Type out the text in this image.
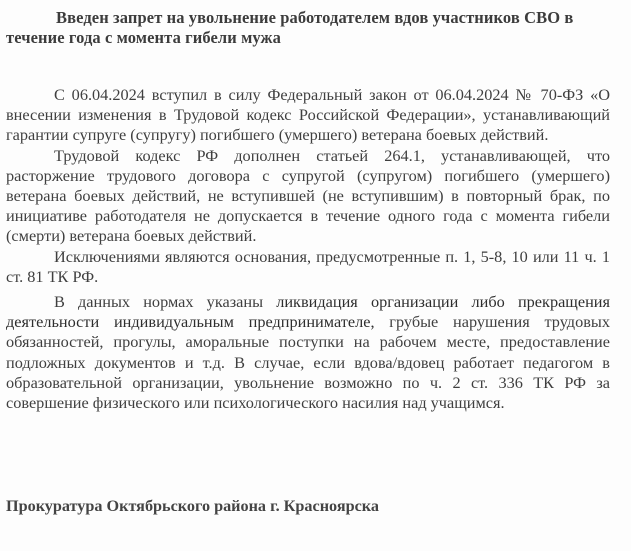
Введен запрет на увольнение работодателем вдов участников СВО в течение года с момента гибели мужа

С 06.04.2024 вступил в силу Федеральный закон от 06.04.2024 № 70-ФЗ «О внесении изменения в Трудовой кодекс Российской Федерации», устанавливающий гарантии супруге (супругу) погибшего (умершего) ветерана боевых действий.

Трудовой кодекс РФ дополнен статьей 264.1, устанавливающей, что расторжение трудового договора с супругой (супругом) погибшего (умершего) ветерана боевых действий, не вступившей (не вступившим) в повторный брак, по инициативе работодателя не допускается в течение одного года с момента гибели (смерти) ветерана боевых действий.

Исключениями являются основания, предусмотренные п. 1, 5-8, 10 или 11 ч. 1 ст. 81 ТК РФ.

В данных нормах указаны ликвидация организации либо прекращения деятельности индивидуальным предпринимателе, грубые нарушения трудовых обязанностей, прогулы, аморальные поступки на рабочем месте, предоставление подложных документов и т.д. В случае, если вдова/вдовец работает педагогом в образовательной организации, увольнение возможно по ч. 2 ст. 336 ТК РФ за совершение физического или психологического насилия над учащимся.

Прокуратура Октябрьского района г. Красноярска
